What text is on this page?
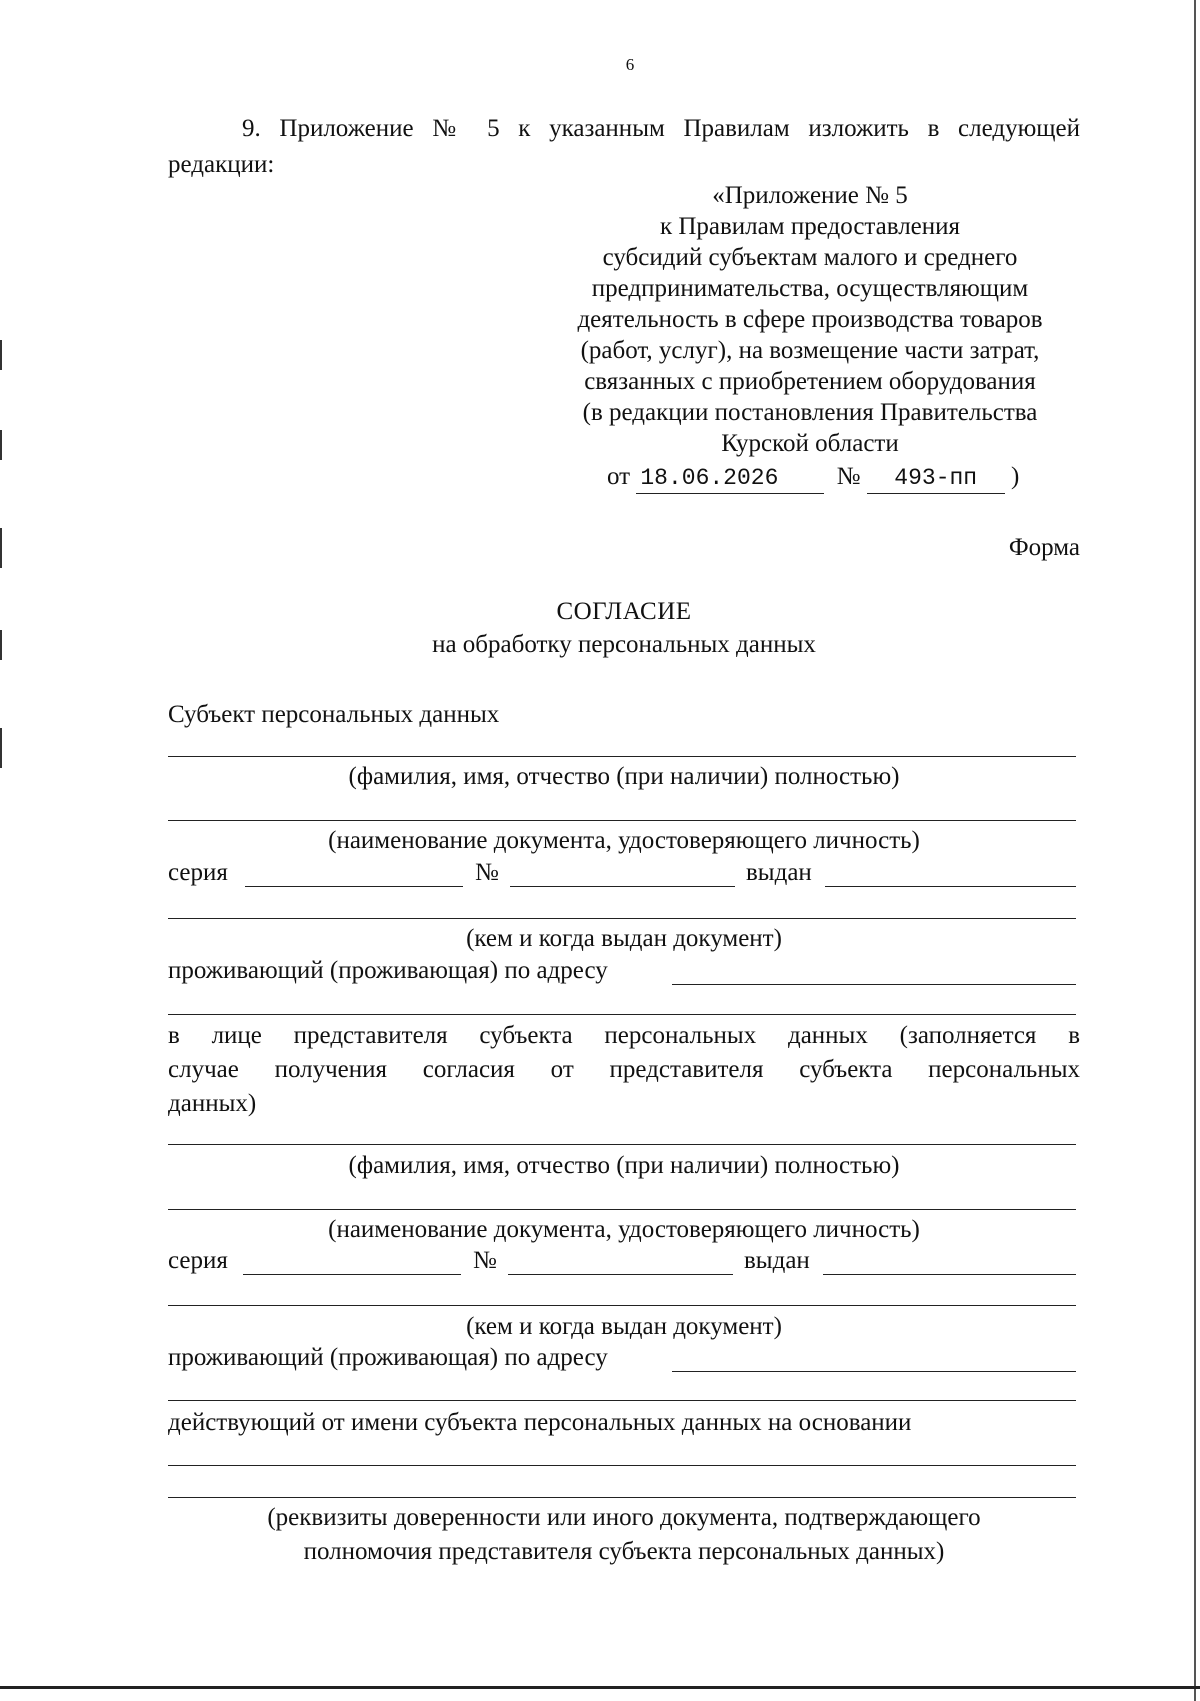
6

9. Приложение № 5 к указанным Правилам изложить в следующей

редакции:

«Приложение № 5

к Правилам предоставления

субсидий субъектам малого и среднего

предпринимательства, осуществляющим

деятельность в сфере производства товаров

(работ, услуг), на возмещение части затрат,

связанных с приобретением оборудования

(в редакции постановления Правительства

Курской области

от 18.06.2026 № 493-пп )

Форма

СОГЛАСИЕ

на обработку персональных данных

Субъект персональных данных

(фамилия, имя, отчество (при наличии) полностью)

(наименование документа, удостоверяющего личность)

серия	№	выдан

(кем и когда выдан документ)

проживающий (проживающая) по адресу

в лице представителя субъекта персональных данных (заполняется в

случае получения согласия от представителя субъекта персональных

данных)

(фамилия, имя, отчество (при наличии) полностью)

(наименование документа, удостоверяющего личность)

серия	№	выдан

(кем и когда выдан документ)

проживающий (проживающая) по адресу

действующий от имени субъекта персональных данных на основании

(реквизиты доверенности или иного документа, подтверждающего

полномочия представителя субъекта персональных данных)
